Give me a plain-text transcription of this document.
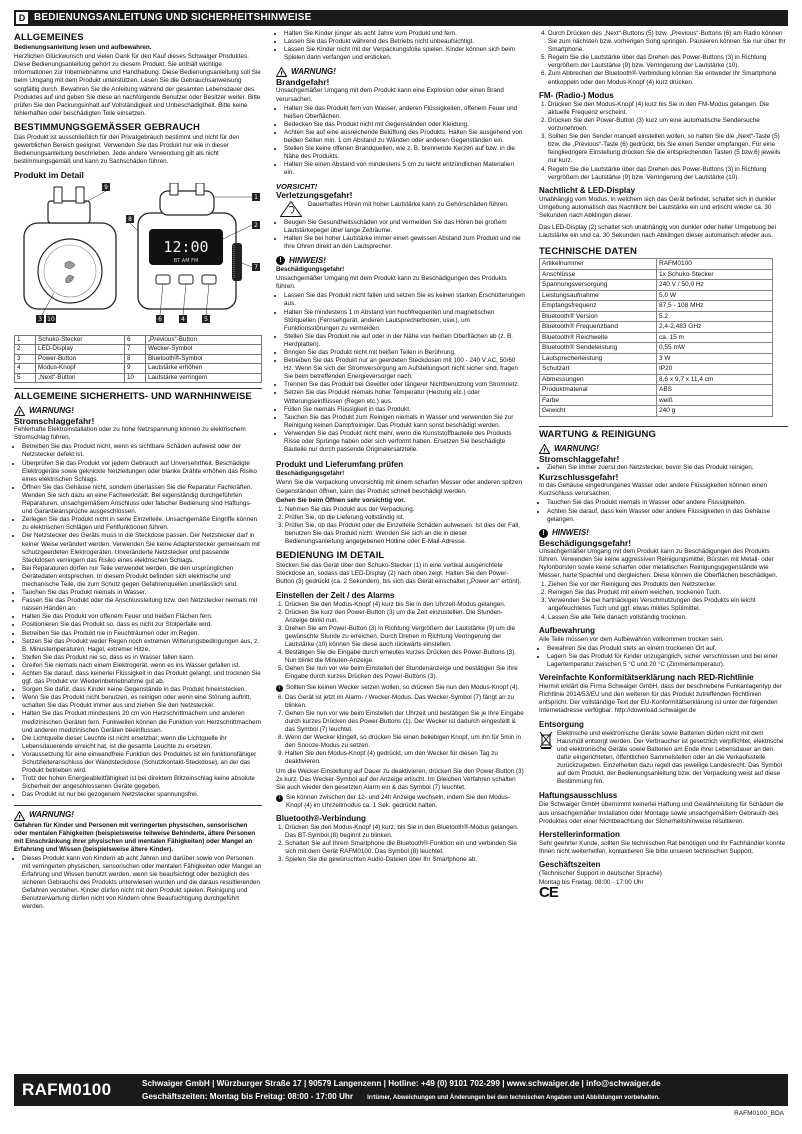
D BEDIENUNGSANLEITUNG UND SICHERHEITSHINWEISE
ALLGEMEINES

Bedienungsanleitung lesen und aufbewahren.

Herzlichen Glückwunsch und vielen Dank für den Kauf dieses Schwaiger Produktes. Diese Bedienungsanleitung gehört zu diesem Produkt. Sie enthält wichtige Informationen zur Inbetriebnahme und Handhabung. Diese Bedienungsanleitung soll Sie beim Umgang mit dem Produkt unterstützen. Lesen Sie die Gebrauchsanweisung sorgfältig durch. Bewahren Sie die Anleitung während der gesamten Lebensdauer des Produktes auf und geben Sie diese an nachfolgende Benutzer oder Besitzer weiter. Bitte prüfen Sie den Packungsinhalt auf Vollständigkeit und Unbeschädigtheit. Bitte keine fehlerhaften oder beschädigten Teile einsetzen.

BESTIMMUNGSGEMÄSSER GEBRAUCH

Das Produkt ist ausschließlich für den Privatgebrauch bestimmt und nicht für den gewerblichen Bereich geeignet. Verwenden Sie das Produkt nur wie in dieser Bedienungsanleitung beschrieben. Jede andere Verwendung gilt als nicht bestimmungsgemäß und kann zu Sachschäden führen.

Produkt im Detail
12:00
BT AM FM
9
8
1
2
7
3 10	6	4	5
1	Schuko-Stecker	6	„Previous“-Button
2	LED-Display	7	Wecker-Symbol
3	Power-Button	8	Bluetooth®-Symbol
4	Modus-Knopf	9	Lautstärke erhöhen
5	„Next“-Button	10	Lautstärke verringern
ALLGEMEINE SICHERHEITS- UND WARNHINWEISE
! WARNUNG!
Stromschlaggefahr!

Fehlerhafte Elektroinstallation oder zu hohe Netzspannung können zu elektrischem Stromschlag führen.

• Betreiben Sie das Produkt nicht, wenn es sichtbare Schäden aufweist oder der Netzstecker defekt ist.
• Überprüfen Sie das Produkt vor jedem Gebrauch auf Unversehrtheit. Beschädigte Elektrogeräte sowie geknickte Netzleitungen oder blanke Drähte erhöhen das Risiko eines elektrischen Schlags.
• Öffnen Sie das Gehäuse nicht, sondern überlassen Sie die Reparatur Fachkräften. Wenden Sie sich dazu an eine Fachwerkstatt. Bei eigenständig durchgeführten Reparaturen, unsachgemäßem Anschluss oder falscher Bedienung sind Haftungs- und Garantieansprüche ausgeschlossen.
• Zerlegen Sie das Produkt nicht in seine Einzelteile. Unsachgemäße Eingriffe können zu elektrischen Schlägen und Fehlfunktionen führen.
• Der Netzstecker des Geräts muss in die Steckdose passen. Der Netzstecker darf in keiner Weise verändert werden. Verwenden Sie keine Adapterstecker gemeinsam mit schutzgeerdeten Elektrogeräten. Unveränderte Netzstecker und passende Steckdosen verringern das Risiko eines elektrischen Schlags.
• Bei Reparaturen dürfen nur Teile verwendet werden, die den ursprünglichen Gerätedaten entsprechen. In diesem Produkt befinden sich elektrische und mechanische Teile, die zum Schutz gegen Gefahrenquellen unerlässlich sind.
• Tauchen Sie das Produkt niemals in Wasser.
• Fassen Sie das Produkt oder die Anschlussleitung bzw. den Netzstecker niemals mit nassen Händen an.
• Halten Sie das Produkt von offenem Feuer und heißen Flächen fern.
• Positionieren Sie das Produkt so, dass es nicht zur Stolperfalle wird.
• Betreiben Sie das Produkt nie in Feuchträumen oder im Regen.
• Setzen Sie das Produkt weder Regen noch extremen Witterungsbedingungen aus, z. B. Minustemperaturen, Hagel, extremer Hitze.
• Stellen Sie das Produkt nie so, dass es in Wasser fallen kann.
• Greifen Sie niemals nach einem Elektrogerät, wenn es ins Wasser gefallen ist.
• Achten Sie darauf, dass keinerlei Flüssigkeit in das Produkt gelangt, und trocknen Sie ggf. das Produkt vor Wiederinbetriebnahme gut ab.
• Sorgen Sie dafür, dass Kinder keine Gegenstände in das Produkt hineinstecken.
• Wenn Sie das Produkt nicht benutzen, es reinigen oder wenn eine Störung auftritt, schalten Sie das Produkt immer aus und ziehen Sie den Netzstecker.
• Halten Sie das Produkt mindestens 20 cm von Herzschrittmachern und anderen medizinischen Geräten fern. Funkwellen können die Funktion von Herzschrittmachern und anderen medizinischen Geräten beeinflussen.
• Die Lichtquelle dieser Leuchte ist nicht ersetzbar; wenn die Lichtquelle ihr Lebensdauerende erreicht hat, ist die gesamte Leuchte zu ersetzen.
• Voraussetzung für eine einwandfreie Funktion des Produktes ist ein funktionsfähiger Schutzleiteranschluss der Wandsteckdose (Schutzkontakt-Steckdose), an der das Produkt betrieben wird.
• Trotz der hohen Energieableitfähigkeit ist bei direktem Blitzeinschlag keine absolute Sicherheit der angeschlossenen Geräte gegeben.
• Das Produkt ist nur bei gezogenem Netzstecker spannungsfrei.
! WARNUNG!

Gefahren für Kinder und Personen mit verringerten physischen, sensorischen oder mentalen Fähigkeiten (beispielsweise teilweise Behinderte, ältere Personen mit Einschränkung ihrer physischen und mentalen Fähigkeiten) oder Mangel an Erfahrung und Wissen (beispielsweise ältere Kinder).

• Dieses Produkt kann von Kindern ab acht Jahren und darüber sowie von Personen mit verringerten physischen, sensorischen oder mentalen Fähigkeiten oder Mangel an Erfahrung und Wissen benutzt werden, wenn sie beaufsichtigt oder bezüglich des sicheren Gebrauchs des Produkts unterwiesen wurden und die daraus resultierenden Gefahren verstehen. Kinder dürfen nicht mit dem Produkt spielen. Reinigung und Benutzerwartung dürfen nicht von Kindern ohne Beaufsichtigung durchgeführt werden.
• Halten Sie Kinder jünger als acht Jahre vom Produkt und fern.
• Lassen Sie das Produkt während des Betriebs nicht unbeaufsichtigt.
• Lassen Sie Kinder nicht mit der Verpackungsfolie spielen. Kinder können sich beim Spielen darin verfangen und ersticken.
! WARNUNG!
Brandgefahr!

Unsachgemäßer Umgang mit dem Produkt kann eine Explosion oder einen Brand verursachen.

• Halten Sie das Produkt fern von Wasser, anderen Flüssigkeiten, offenem Feuer und heißen Oberflächen.
• Bedecken Sie das Produkt nicht mit Gegenständen oder Kleidung.
• Achten Sie auf eine ausreichende Belüftung des Produkts. Halten Sie ausgehend von beiden Seiten min. 1 cm Abstand zu Wänden oder anderen Gegenständen ein.
• Stellen Sie keine offenen Brandquellen, wie z. B. brennende Kerzen auf bzw. in die Nähe des Produkts.
• Halten Sie einen Abstand von mindestens 5 cm zu leicht entzündlichen Materialien ein.
VORSICHT!
Verletzungsgefahr!
Dauerhaftes Hören mit hoher Lautstärke kann zu Gehörschäden führen.
• Beugen Sie Gesundheitsschäden vor und vermeiden Sie das Hören bei großem Lautstärkepegel über lange Zeiträume.
• Halten Sie bei hoher Lautstärke immer einen gewissen Abstand zum Produkt und nie Ihre Ohren direkt an den Lautsprecher.
! HINWEIS!

Beschädigungsgefahr!

Unsachgemäßer Umgang mit dem Produkt kann zu Beschädigungen des Produkts führen.

• Lassen Sie das Produkt nicht fallen und setzen Sie es keinen starken Erschütterungen aus.
• Halten Sie mindestens 1 m Abstand von hochfrequenten und magnetischen Störquellen (Fernsehgerät, anderen Lautsprecherboxen, usw.), um Funktionsstörungen zu vermeiden.
• Stellen Sie das Produkt nie auf oder in der Nähe von heißen Oberflächen ab (z. B. Herdplatten).
• Bringen Sie das Produkt nicht mit heißen Teilen in Berührung.
• Betreiben Sie das Produkt nur an geerdeten Steckdosen mit 100 - 240 V AC, 50/60 Hz. Wenn Sie sich der Stromversorgung am Aufstellungsort nicht sicher sind, fragen Sie beim betreffenden Energieversorger nach.
• Trennen Sie das Produkt bei Gewitter oder längerer Nichtbenutzung vom Stromnetz.
• Setzen Sie das Produkt niemals hoher Temperatur (Heizung etc.) oder Witterungseinflüssen (Regen etc.) aus.
• Füllen Sie niemals Flüssigkeit in das Produkt.
• Tauchen Sie das Produkt zum Reinigen niemals in Wasser und verwenden Sie zur Reinigung keinen Dampfreiniger. Das Produkt kann sonst beschädigt werden.
• Verwenden Sie das Produkt nicht mehr, wenn die Kunststoffbauteile des Produkts Risse oder Sprünge haben oder sich verformt haben. Ersetzen Sie beschädigte Bauteile nur durch passende Originalersatzteile.
Produkt und Lieferumfang prüfen

Beschädigungsgefahr!

Wenn Sie die Verpackung unvorsichtig mit einem scharfen Messer oder anderen spitzen Gegenständen öffnen, kann das Produkt schnell beschädigt werden.

Gehen Sie beim Öffnen sehr vorsichtig vor.

1. Nehmen Sie das Produkt aus der Verpackung.
2. Prüfen Sie, ob die Lieferung vollständig ist.
3. Prüfen Sie, ob das Produkt oder die Einzelteile Schäden aufweisen. Ist dies der Fall, benutzen Sie das Produkt nicht. Wenden Sie sich an die in dieser Bedienungsanleitung angegebenen Hotline oder E-Mail-Adresse.
BEDIENUNG IM DETAIL

Stecken Sie das Gerät über den Schuko-Stecker (1) in eine vertikal ausgerichtete Steckdose an, sodass das LED-Display (2) nach oben zeigt. Halten Sie den Power-Button (3) gedrückt (ca. 2 Sekunden), bis sich das Gerät einschaltet („Power an“ ertönt).

Einstellen der Zeit / des Alarms
1. Drücken Sie den Modus-Knopf (4) kurz bis Sie in den Uhrzeit-Modus gelangen.
2. Drücken Sie kurz den Power-Button (3) um die Zeit einzustellen. Die Stunden-Anzeige blinkt nun.
3. Drehen Sie am Power-Button (3) in Richtung Vergrößern der Lautstärke (9) um die gewünschte Stunde zu erreichen. Durch Drehen in Richtung Verringerung der Lautstärke (10) können Sie diese auch rückwärts einstellen.
4. Bestätigen Sie die Eingabe durch erneutes kurzes Drücken des Power-Buttons (3). Nun blinkt die Minuten-Anzeige.
5. Gehen Sie nun vor wie beim Einstellen der Stundenanzeige und bestätigen Sie Ihre Eingabe durch kurzes Drücken des Power-Buttons (3).
i Sollten Sie keinen Wecker setzen wollen, so drücken Sie nun den Modus-Knopf (4).
6. Das Gerät ist jetzt im Alarm- / Wecker-Modus. Das Wecker-Symbol (7) fängt an zu blinken.
7. Gehen Sie nun vor wie beim Einstellen der Uhrzeit und bestätigen Sie je Ihre Eingabe durch kurzes Drücken des Power-Buttons (1). Der Wecker ist dadurch eingestellt & das Symbol (7) leuchtet.
8. Wenn der Wecker klingelt, so drücken Sie einen beliebigen Knopf, um ihn für 5min in den Snooze-Modus zu setzen.
9. Halten Sie den Modus-Knopf (4) gedrückt, um den Wecker für diesen Tag zu deaktivieren.

Um die Wecker-Einstellung auf Dauer zu deaktivieren, drücken Sie den Power-Button (3) 2x kurz. Das Wecker-Symbol auf der Anzeige erlischt. Im Gleichen Verfahren schalten Sie auch wieder den gesetzten Alarm ein & das Symbol (7) leuchtet.

i Sie können zwischen der 12- und 24h Anzeige wechseln, indem Sie den Modus-Knopf (4) im Uhrzeitmodus ca. 1 Sek. gedrückt halten.
Bluetooth®-Verbindung
1. Drücken Sie den Modus-Knopf (4) kurz, bis Sie in den Bluetooth®-Modus gelangen. Das BT-Symbol (8) beginnt zu blinken.
2. Schalten Sie auf Ihrem Smartphone die Bluetooth®-Funktion ein und verbinden Sie sich mit dem Gerät RAFM0100. Das Symbol (8) leuchtet.
3. Spielen Sie die gewünschten Audio-Dateien über Ihr Smartphone ab.
4. Durch Drücken des „Next“-Buttons (5) bzw. „Previous“-Buttons (6) am Radio können Sie zum nächsten bzw. vorherigen Song springen. Pausieren können Sie nur über Ihr Smartphone.
5. Regeln Sie die Lautstärke über das Drehen des Power-Buttons (3) in Richtung vergrößern der Lautstärke (9) bzw. Verringerung der Lautstärke (10).
6. Zum Abbrechen der Bluetooth®-Verbindung können Sie entweder Ihr Smartphone entkoppeln oder den Modus-Knopf (4) kurz drücken.
FM- (Radio-) Modus
1. Drücken Sie den Modus-Knopf (4) kurz bis Sie in den FM-Modus gelangen. Die aktuelle Frequenz erscheint.
2. Drücken Sie den Power-Button (3) kurz um eine automatische Sendersuche vorzunehmen.
3. Sollten Sie den Sender manuell einstellen wollen, so halten Sie die „Next“-Taste (5) bzw. die „Previous“-Taste (6) gedrückt, bis Sie einen Sender empfangen. Für eine feingliedrigere Einstellung drücken Sie die entsprechenden Tasten (5 bzw.6) jeweils nur kurz.
4. Regeln Sie die Lautstärke über das Drehen des Power-Buttons (3) in Richtung vergrößern der Lautstärke (9) bzw. Verringerung der Lautstärke (10).
Nachtlicht & LED-Display

Unabhängig vom Modus, in welchem sich das Gerät befindet, schaltet sich in dunkler Umgebung automatisch das Nachtlicht bei Lautstärke ein und erlischt wieder ca. 30 Sekunden nach Abklingen dieser.

Das LED-Display (2) schaltet sich unabhängig von dunkler oder heller Umgebung bei Lautstärke ein und ca. 30 Sekunden nach Abklingen dieser automatisch wieder aus.

TECHNISCHE DATEN
Artikelnummer	RAFM0100
Anschlüsse	1x Schuko-Stecker
Spannungsversorgung	240 V / 50,0 Hz
Leistungsaufnahme	5,0 W
Empfangsfrequenz	87,5 - 108 MHz
Bluetooth® Version	5.2
Bluetooth® Frequenzband	2,4-2,483 GHz
Bluetooth® Reichweite	ca. 15 m
Bluetooth® Sendeleistung	0,55 mW
Lautsprecherleistung	3 W
Schutzart	IP20
Abmessungen	8,6 x 9,7 x 11,4 cm
Produktmaterial	ABS
Farbe	weiß
Gewicht	240 g
WARTUNG & REINIGUNG
! WARNUNG!
Stromschlaggefahr!
• Ziehen Sie immer zuerst den Netzstecker, bevor Sie das Produkt reinigen.
Kurzschlussgefahr!

In das Gehäuse eingedrungenes Wasser oder andere Flüssigkeiten können einen Kurzschluss verursachen.

• Tauchen Sie das Produkt niemals in Wasser oder andere Flüssigkeiten.
• Achten Sie darauf, dass kein Wasser oder andere Flüssigkeiten in das Gehäuse gelangen.
! HINWEIS!
Beschädigungsgefahr!

Unsachgemäßer Umgang mit dem Produkt kann zu Beschädigungen des Produkts führen. Verwenden Sie keine aggressiven Reinigungsmittel, Bürsten mit Metall- oder Nylonborsten sowie keine scharfen oder metallischen Reinigungsgegenstände wie Messer, harte Spachtel und dergleichen. Diese können die Oberflächen beschädigen.

1. Ziehen Sie vor der Reinigung des Produkts den Netzstecker.
2. Reinigen Sie das Produkt mit einem weichen, trockenen Tuch.
3. Verwenden Sie bei hartnäckigen Verschmutzungen des Produkts ein leicht angefeuchtetes Tuch und ggf. etwas mildes Spülmittel.
4. Lassen Sie alle Teile danach vollständig trocknen.
Aufbewahrung

Alle Teile müssen vor dem Aufbewahren vollkommen trocken sein.

• Bewahren Sie das Produkt stets an einem trockenen Ort auf.
• Lagern Sie das Produkt für Kinder unzugänglich, sicher verschlossen und bei einer Lagertemperatur zwischen 5 °C und 20 °C (Zimmertemperatur).
Vereinfachte Konformitätserklärung nach RED-Richtlinie

Hiermit erklärt die Firma Schwaiger GmbH, dass der beschriebene Funkanlagentyp der Richtlinie 2014/53/EU und den weiteren für das Produkt zutreffenden Richtlinien entspricht. Der vollständige Text der EU-Konformitätserklärung ist unter der folgenden Internetadresse verfügbar: http://download.schwaiger.de

Entsorgung

Elektrische und elektronische Geräte sowie Batterien dürfen nicht mit dem Hausmüll entsorgt werden. Der Verbraucher ist gesetzlich verpflichtet, elektrische und elektronische Geräte sowie Batterien am Ende ihrer Lebensdauer an den dafür eingerichteten, öffentlichen Sammelstellen oder an die Verkaufsstelle zurückzugeben. Einzelheiten dazu regelt das jeweilige Landesrecht. Das Symbol auf dem Produkt, der Bedienungsanleitung bzw. der Verpackung weist auf diese Bestimmung hin.

Haftungsausschluss

Die Schwaiger GmbH übernimmt keinerlei Haftung und Gewährleistung für Schäden die aus unsachgemäßer Installation oder Montage sowie unsachgemäßem Gebrauch des Produktes oder einer Nichtbeachtung der Sicherheitshinweise resultieren.

Herstellerinformation

Sehr geehrter Kunde, sollten Sie technischen Rat benötigen und Ihr Fachhändler konnte Ihnen nicht weiterhelfen, kontaktieren Sie bitte unseren technischen Support.

Geschäftszeiten

(Technischer Support in deutscher Sprache)

Montag bis Freitag: 08:00 - 17:00 Uhr

CE
RAFM0100	Schwaiger GmbH | Würzburger Straße 17 | 90579 Langenzenn | Hotline: +49 (0) 9101 702-299 | www.schwaiger.de | info@schwaiger.de
Geschäftszeiten: Montag bis Freitag: 08:00 - 17:00 Uhr Irrtümer, Abweichungen und Änderungen bei den technischen Angaben und Abbildungen vorbehalten.
RAFM0100_BDA
